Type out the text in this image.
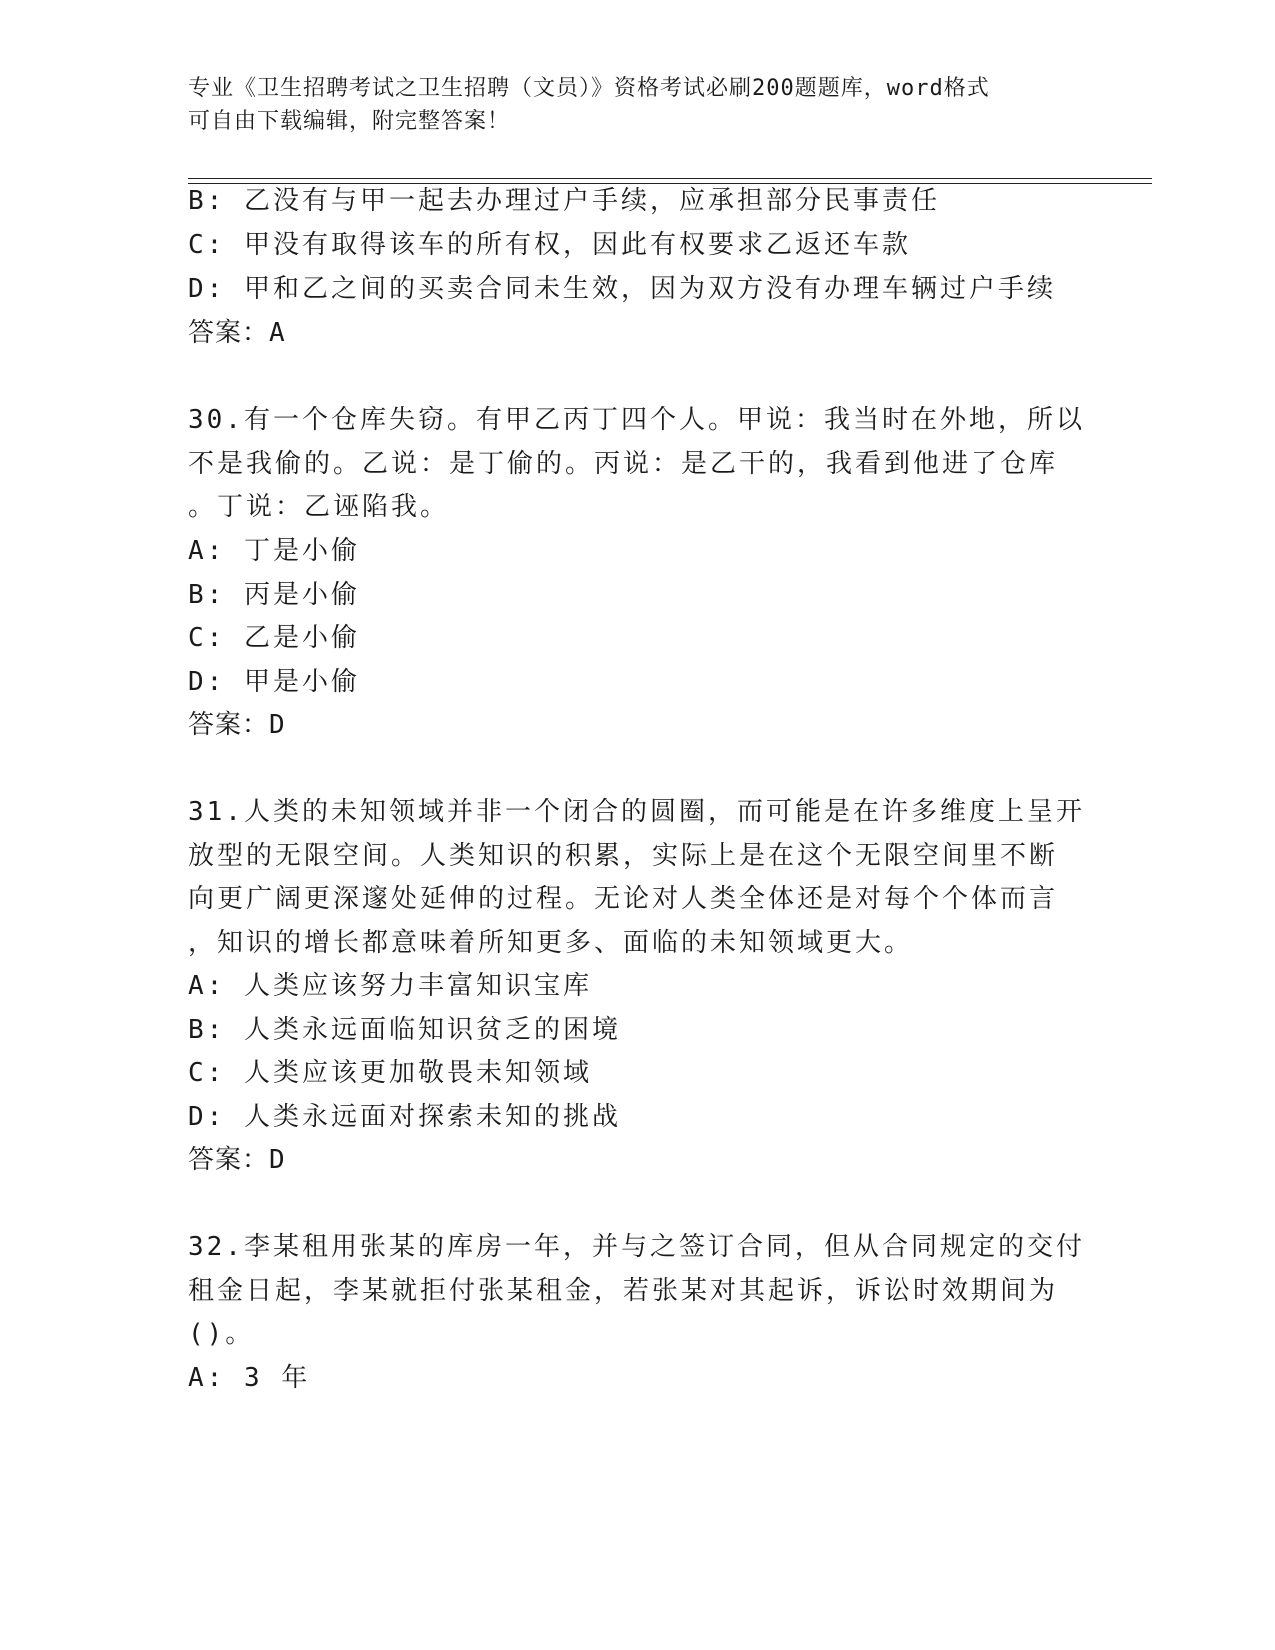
专业《卫生招聘考试之卫生招聘（文员）》资格考试必刷200题题库，word格式
可自由下载编辑，附完整答案！
B: 乙没有与甲一起去办理过户手续，应承担部分民事责任
C: 甲没有取得该车的所有权，因此有权要求乙返还车款
D: 甲和乙之间的买卖合同未生效，因为双方没有办理车辆过户手续
答案：A
30.有一个仓库失窃。有甲乙丙丁四个人。甲说：我当时在外地，所以
不是我偷的。乙说：是丁偷的。丙说：是乙干的，我看到他进了仓库
。丁说：乙诬陷我。
A: 丁是小偷
B: 丙是小偷
C: 乙是小偷
D: 甲是小偷
答案：D
31.人类的未知领域并非一个闭合的圆圈，而可能是在许多维度上呈开
放型的无限空间。人类知识的积累，实际上是在这个无限空间里不断
向更广阔更深邃处延伸的过程。无论对人类全体还是对每个个体而言
，知识的增长都意味着所知更多、面临的未知领域更大。
A: 人类应该努力丰富知识宝库
B: 人类永远面临知识贫乏的困境
C: 人类应该更加敬畏未知领域
D: 人类永远面对探索未知的挑战
答案：D
32.李某租用张某的库房一年，并与之签订合同，但从合同规定的交付
租金日起，李某就拒付张某租金，若张某对其起诉，诉讼时效期间为
()。
A: 3 年
